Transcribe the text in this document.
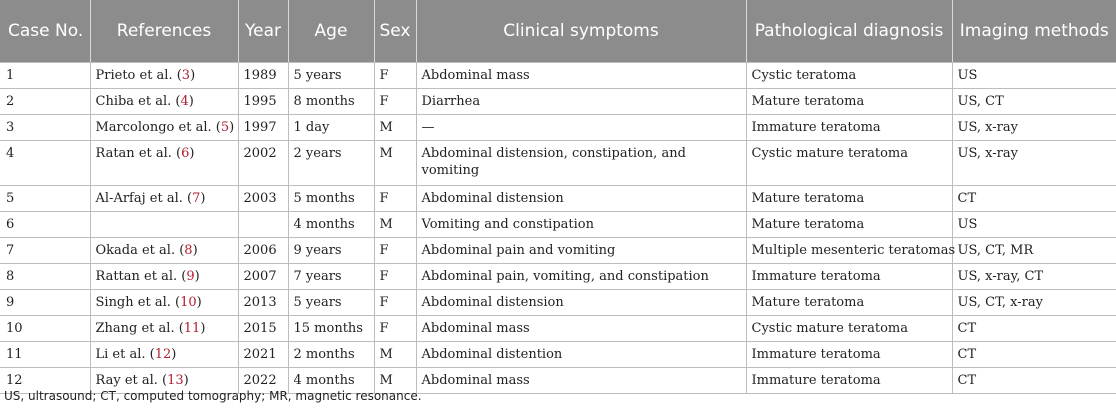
Case No.	References	Year	Age	Sex	Clinical symptoms	Pathological diagnosis	Imaging methods
1	Prieto et al. (3)	1989	5 years	F	Abdominal mass	Cystic teratoma	US
2	Chiba et al. (4)	1995	8 months	F	Diarrhea	Mature teratoma	US, CT
3	Marcolongo et al. (5)	1997	1 day	M	—	Immature teratoma	US, x-ray
4	Ratan et al. (6)	2002	2 years	M	Abdominal distension, constipation, and vomiting	Cystic mature teratoma	US, x-ray
5	Al-Arfaj et al. (7)	2003	5 months	F	Abdominal distension	Mature teratoma	CT
6			4 months	M	Vomiting and constipation	Mature teratoma	US
7	Okada et al. (8)	2006	9 years	F	Abdominal pain and vomiting	Multiple mesenteric teratomas	US, CT, MR
8	Rattan et al. (9)	2007	7 years	F	Abdominal pain, vomiting, and constipation	Immature teratoma	US, x-ray, CT
9	Singh et al. (10)	2013	5 years	F	Abdominal distension	Mature teratoma	US, CT, x-ray
10	Zhang et al. (11)	2015	15 months	F	Abdominal mass	Cystic mature teratoma	CT
11	Li et al. (12)	2021	2 months	M	Abdominal distention	Immature teratoma	CT
12	Ray et al. (13)	2022	4 months	M	Abdominal mass	Immature teratoma	CT
US, ultrasound; CT, computed tomography; MR, magnetic resonance.
